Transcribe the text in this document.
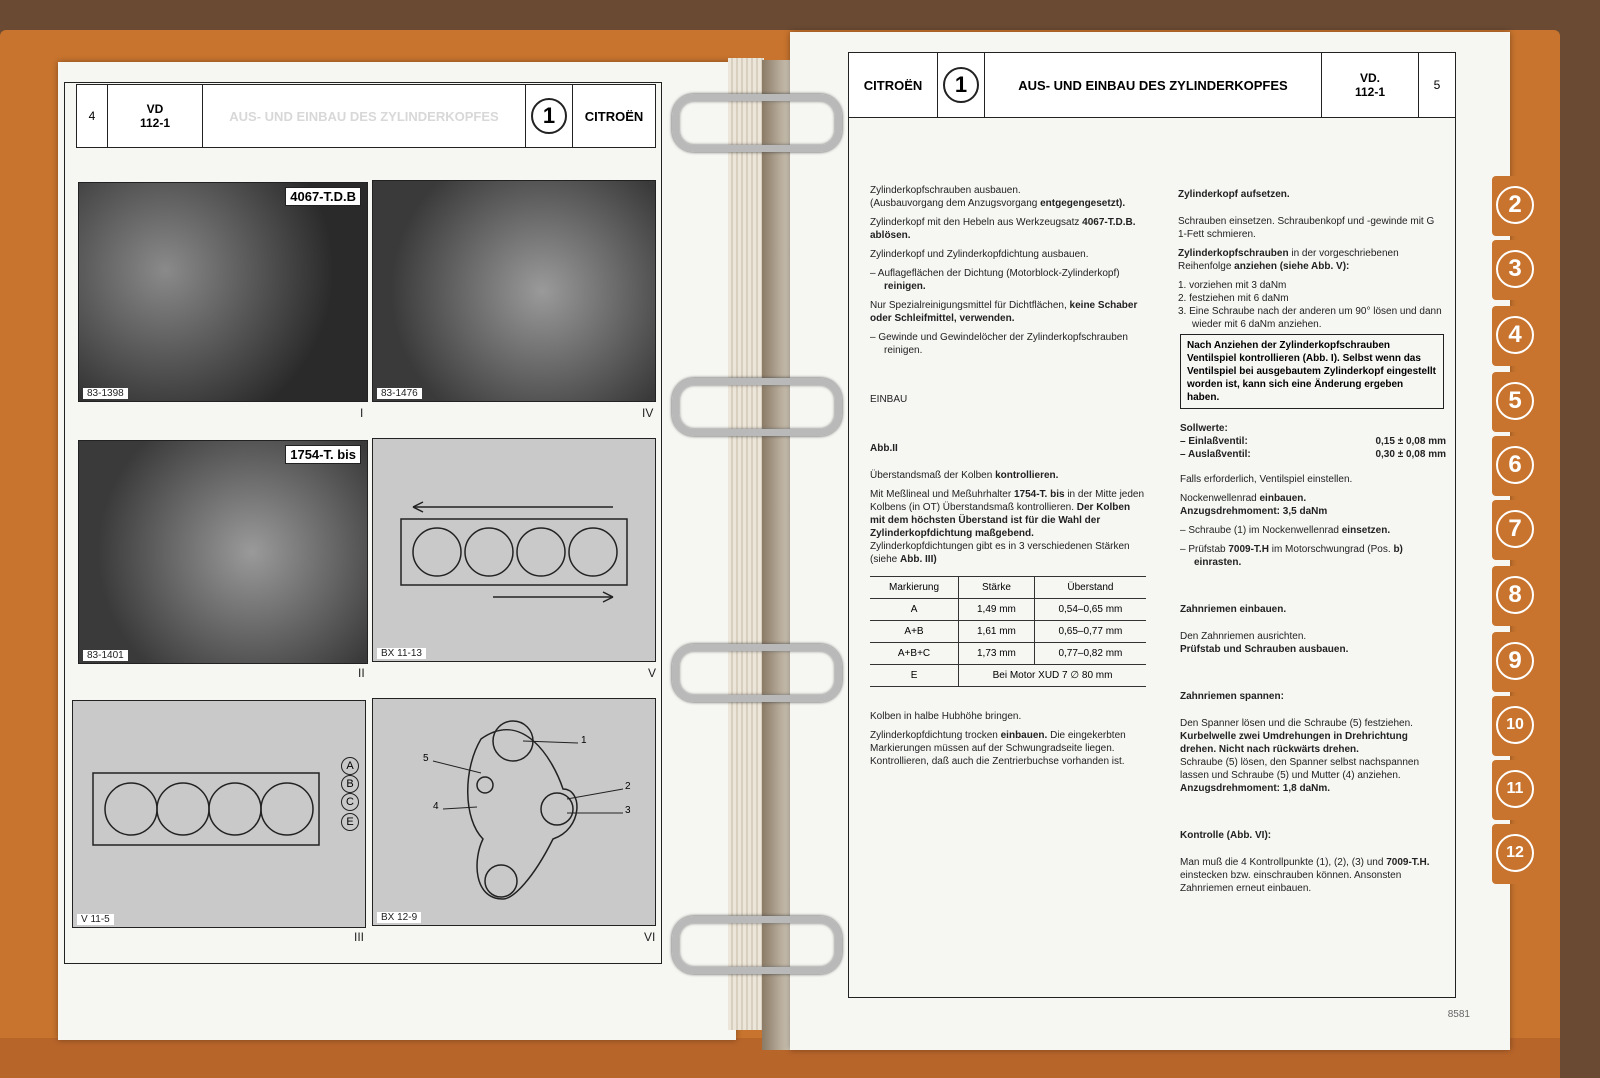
4	VD
112-1	AUS- UND EINBAU DES ZYLINDERKOPFES	1	CITROËN
4067-T.D.B
83-1398
I
83-1476
IV
1754-T. bis
83-1401
II
BX 11-13
V
A
B
C
E
V 11-5
III
1
2
3
4
5
BX 12-9
VI
CITROËN	1	AUS- UND EINBAU DES ZYLINDERKOPFES	VD.
112-1	5
Zylinderkopfschrauben ausbauen.
(Ausbauvorgang dem Anzugsvorgang entgegengesetzt).
Zylinderkopf mit den Hebeln aus Werkzeugsatz 4067-T.D.B. ablösen.
Zylinderkopf und Zylinderkopfdichtung ausbauen.
– Auflageflächen der Dichtung (Motorblock-Zylinderkopf) reinigen.
Nur Spezialreinigungsmittel für Dichtflächen, keine Schaber oder Schleifmittel, verwenden.
– Gewinde und Gewindelöcher der Zylinderkopfschrauben reinigen.
EINBAU
Abb.II
Überstandsmaß der Kolben kontrollieren.
Mit Meßlineal und Meßuhrhalter 1754-T. bis in der Mitte jeden Kolbens (in OT) Überstandsmaß kontrollieren. Der Kolben mit dem höchsten Überstand ist für die Wahl der Zylinderkopfdichtung maßgebend.
Zylinderkopfdichtungen gibt es in 3 verschiedenen Stärken (siehe Abb. III)
Markierung	Stärke	Überstand
A	1,49 mm	0,54–0,65 mm
A+B	1,61 mm	0,65–0,77 mm
A+B+C	1,73 mm	0,77–0,82 mm
E	Bei Motor XUD 7 ∅ 80 mm	
Kolben in halbe Hubhöhe bringen.
Zylinderkopfdichtung trocken einbauen. Die eingekerbten Markierungen müssen auf der Schwungradseite liegen. Kontrollieren, daß auch die Zentrierbuchse vorhanden ist.
Zylinderkopf aufsetzen.
Schrauben einsetzen. Schraubenkopf und -gewinde mit G 1-Fett schmieren.
Zylinderkopfschrauben in der vorgeschriebenen Reihenfolge anziehen (siehe Abb. V):
1. vorziehen mit 3 daNm
2. festziehen mit 6 daNm
3. Eine Schraube nach der anderen um 90° lösen und dann wieder mit 6 daNm anziehen.
Nach Anziehen der Zylinderkopfschrauben Ventilspiel kontrollieren (Abb. I). Selbst wenn das Ventilspiel bei ausgebautem Zylinderkopf eingestellt worden ist, kann sich eine Änderung ergeben haben.
Sollwerte:
– Einlaßventil:	0,15 ± 0,08 mm
– Auslaßventil:	0,30 ± 0,08 mm
Falls erforderlich, Ventilspiel einstellen.
Nockenwellenrad einbauen.
Anzugsdrehmoment: 3,5 daNm
– Schraube (1) im Nockenwellenrad einsetzen.
– Prüfstab 7009-T.H im Motorschwungrad (Pos. b) einrasten.
Zahnriemen einbauen.
Den Zahnriemen ausrichten.
Prüfstab und Schrauben ausbauen.
Zahnriemen spannen:
Den Spanner lösen und die Schraube (5) festziehen. Kurbelwelle zwei Umdrehungen in Drehrichtung drehen. Nicht nach rückwärts drehen.
Schraube (5) lösen, den Spanner selbst nachspannen lassen und Schraube (5) und Mutter (4) anziehen.
Anzugsdrehmoment: 1,8 daNm.
Kontrolle (Abb. VI):
Man muß die 4 Kontrollpunkte (1), (2), (3) und 7009-T.H. einstecken bzw. einschrauben können. Ansonsten Zahnriemen erneut einbauen.
8581
2
3
4
5
6
7
8
9
10
11
12
